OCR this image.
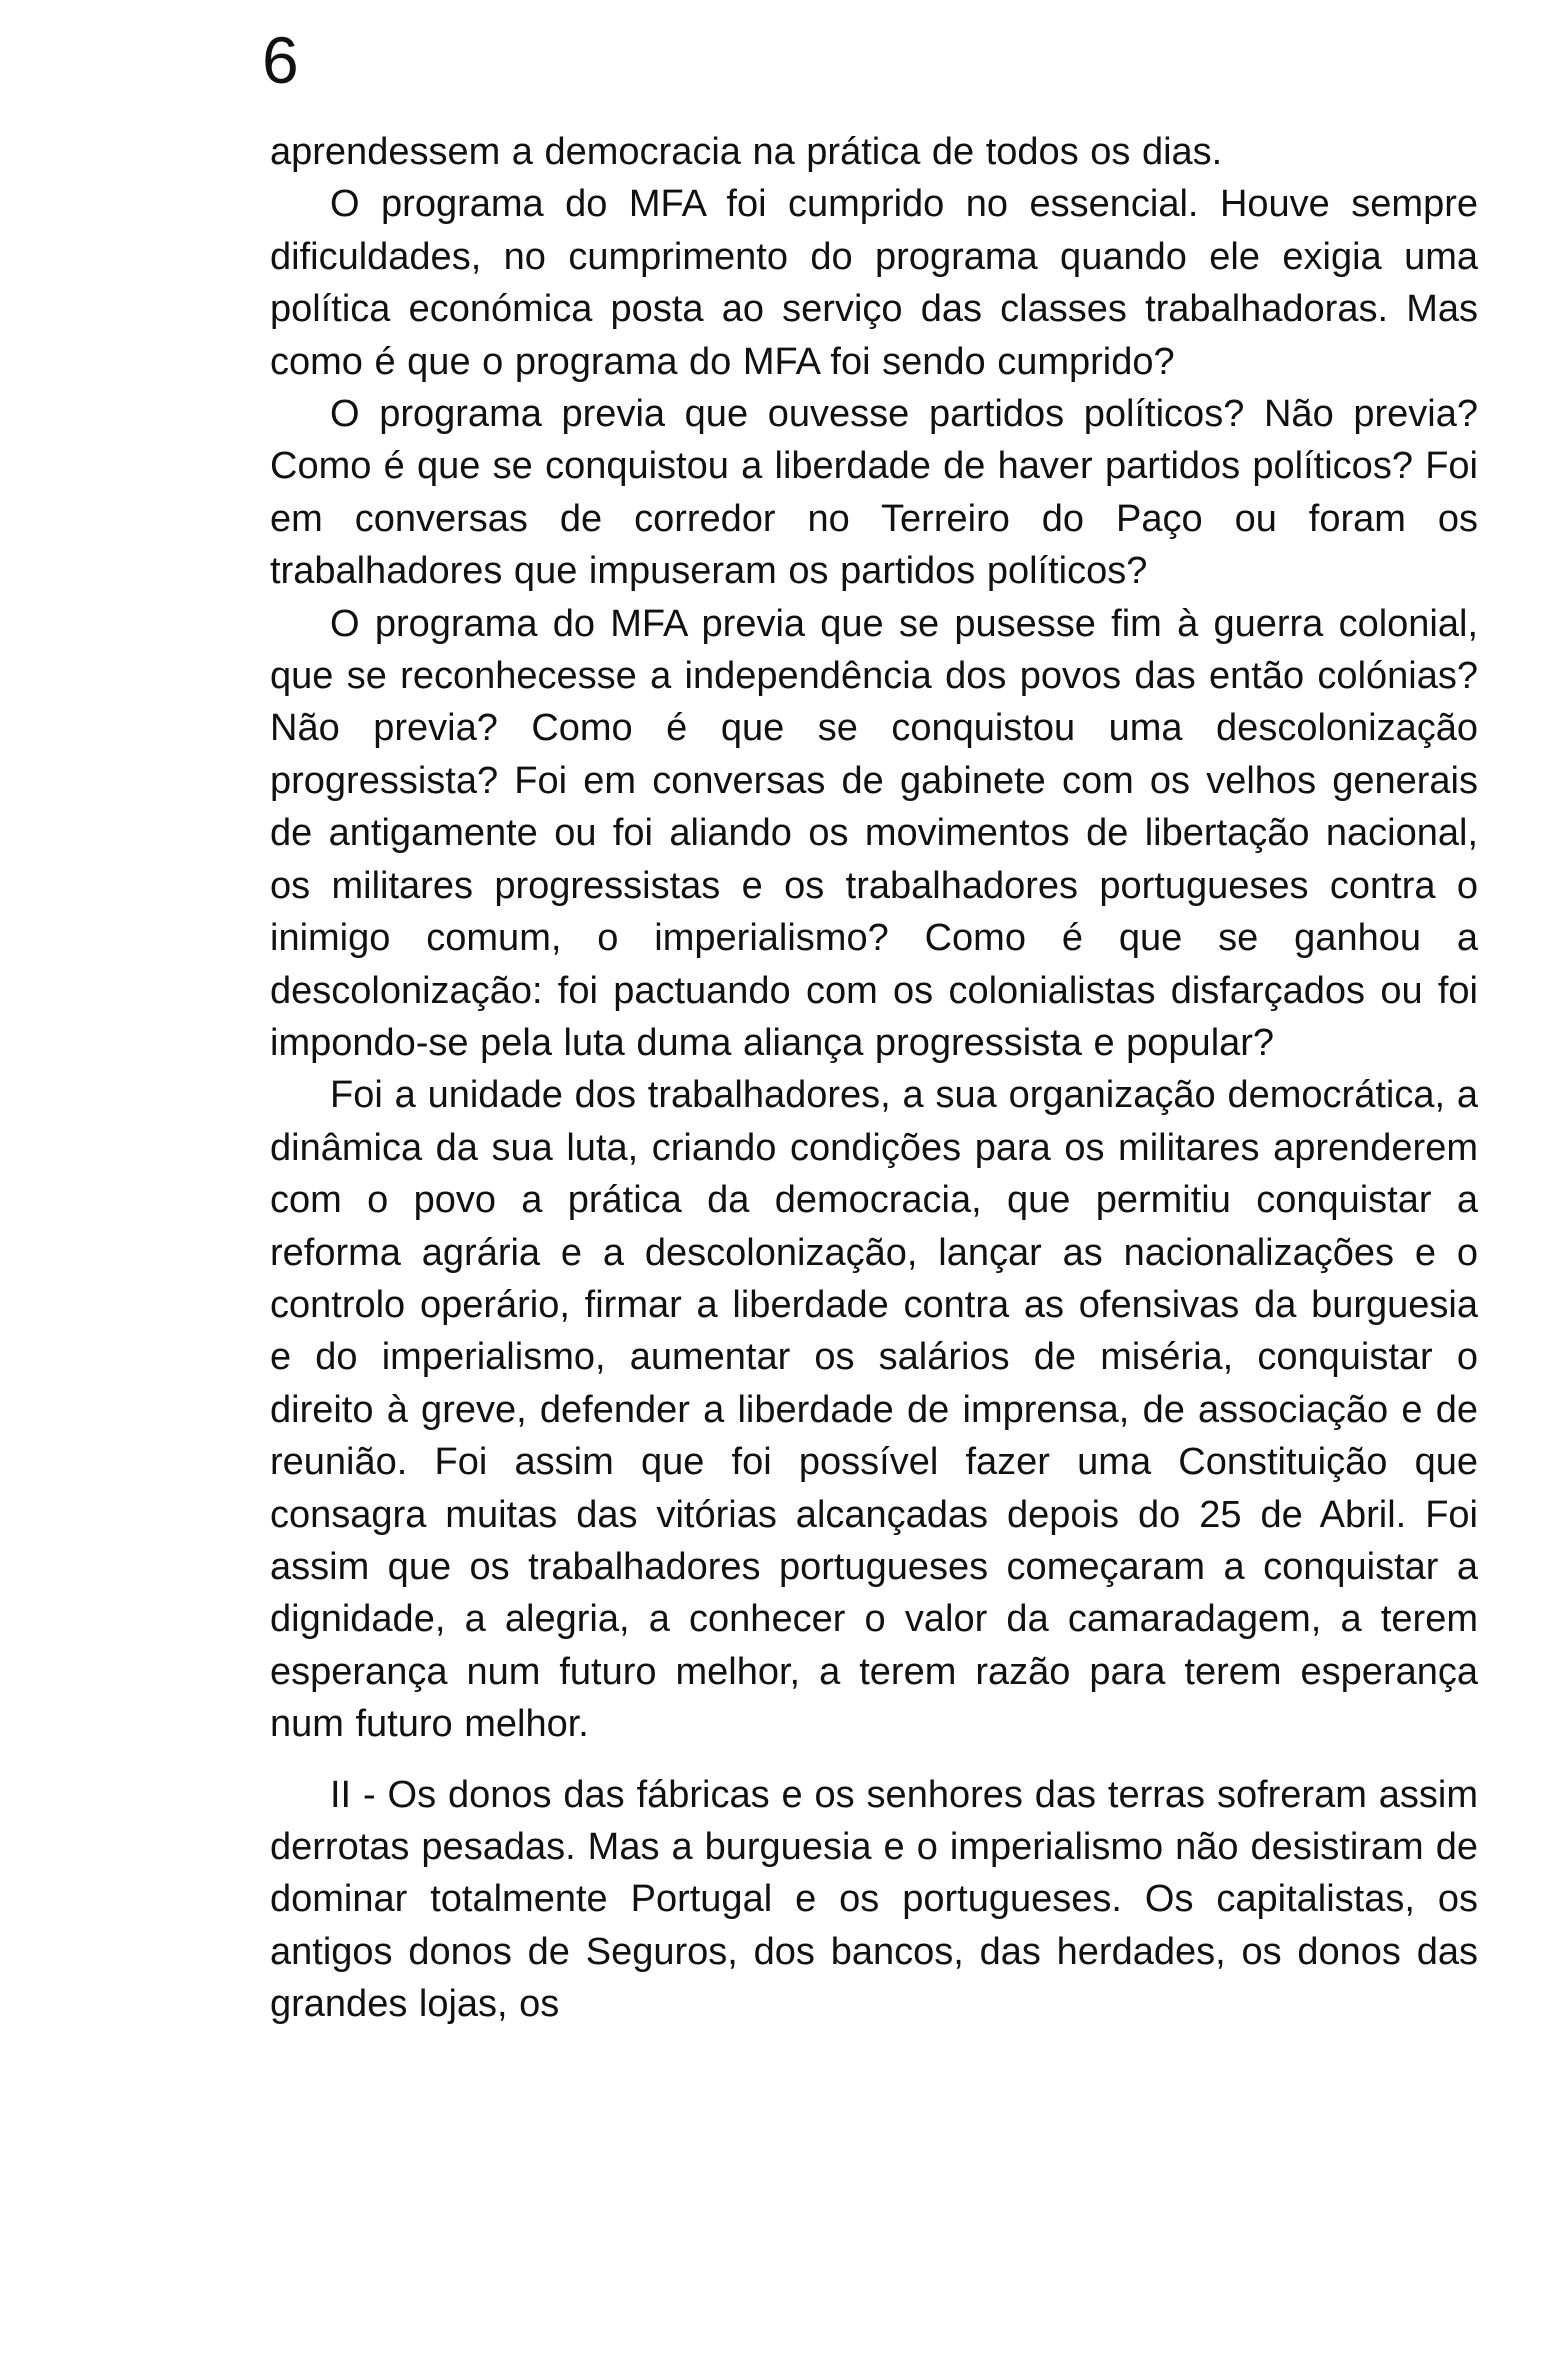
6

aprendessem a democracia na prática de todos os dias.

O programa do MFA foi cumprido no essencial. Houve sempre dificuldades, no cumprimento do programa quando ele exigia uma política económica posta ao serviço das classes trabalhadoras. Mas como é que o programa do MFA foi sendo cumprido?

O programa previa que ouvesse partidos políticos? Não previa? Como é que se conquistou a liberdade de haver partidos políticos? Foi em conversas de corredor no Terreiro do Paço ou foram os trabalhadores que impuseram os partidos políticos?

O programa do MFA previa que se pusesse fim à guerra colonial, que se reconhecesse a independência dos povos das então colónias? Não previa? Como é que se conquistou uma descolonização progressista? Foi em conversas de gabinete com os velhos generais de antigamente ou foi aliando os movimentos de libertação nacional, os militares progressistas e os trabalhadores portugueses contra o inimigo comum, o imperialismo? Como é que se ganhou a descolonização: foi pactuando com os colonialistas disfarçados ou foi impondo-se pela luta duma aliança progressista e popular?

Foi a unidade dos trabalhadores, a sua organização democrática, a dinâmica da sua luta, criando condições para os militares aprenderem com o povo a prática da democracia, que permitiu conquistar a reforma agrária e a descolonização, lançar as nacionalizações e o controlo operário, firmar a liberdade contra as ofensivas da burguesia e do imperialismo, aumentar os salários de miséria, conquistar o direito à greve, defender a liberdade de imprensa, de associação e de reunião. Foi assim que foi possível fazer uma Constituição que consagra muitas das vitórias alcançadas depois do 25 de Abril. Foi assim que os trabalhadores portugueses começaram a conquistar a dignidade, a alegria, a conhecer o valor da camaradagem, a terem esperança num futuro melhor, a terem razão para terem esperança num futuro melhor.

II - Os donos das fábricas e os senhores das terras sofreram assim derrotas pesadas. Mas a burguesia e o imperialismo não desistiram de dominar totalmente Portugal e os portugueses. Os capitalistas, os antigos donos de Seguros, dos bancos, das herdades, os donos das grandes lojas, os
